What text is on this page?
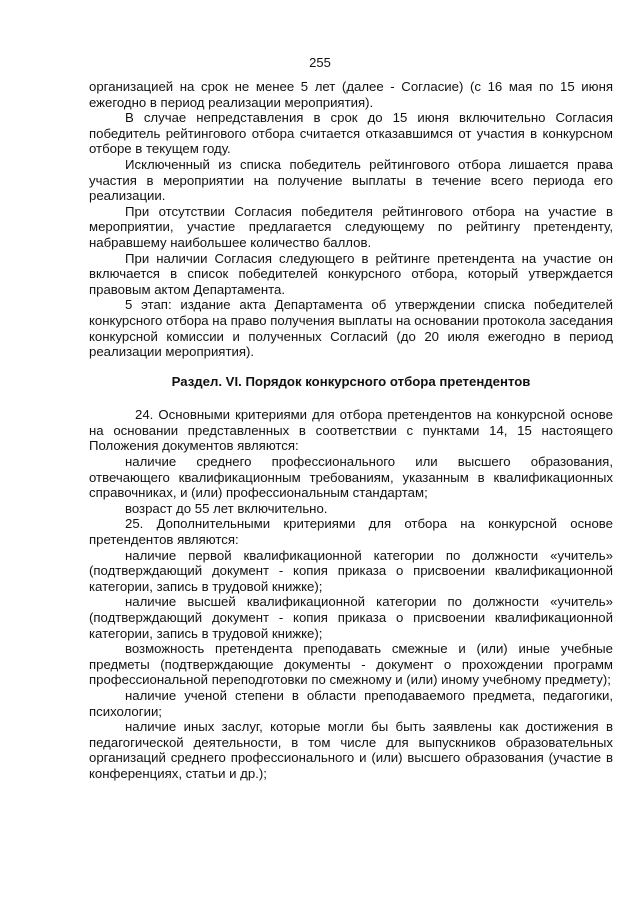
255

организацией на срок не менее 5 лет (далее - Согласие) (с 16 мая по 15 июня ежегодно в период реализации мероприятия).

В случае непредставления в срок до 15 июня включительно Согласия победитель рейтингового отбора считается отказавшимся от участия в конкурсном отборе в текущем году.

Исключенный из списка победитель рейтингового отбора лишается права участия в мероприятии на получение выплаты в течение всего периода его реализации.

При отсутствии Согласия победителя рейтингового отбора на участие в мероприятии, участие предлагается следующему по рейтингу претенденту, набравшему наибольшее количество баллов.

При наличии Согласия следующего в рейтинге претендента на участие он включается в список победителей конкурсного отбора, который утверждается правовым актом Департамента.

5 этап: издание акта Департамента об утверждении списка победителей конкурсного отбора на право получения выплаты на основании протокола заседания конкурсной комиссии и полученных Согласий (до 20 июля ежегодно в период реализации мероприятия).

Раздел. VI. Порядок конкурсного отбора претендентов

24. Основными критериями для отбора претендентов на конкурсной основе на основании представленных в соответствии с пунктами 14, 15 настоящего Положения документов являются:

наличие среднего профессионального или высшего образования, отвечающего квалификационным требованиям, указанным в квалификационных справочниках, и (или) профессиональным стандартам;

возраст до 55 лет включительно.

25. Дополнительными критериями для отбора на конкурсной основе претендентов являются:

наличие первой квалификационной категории по должности «учитель» (подтверждающий документ - копия приказа о присвоении квалификационной категории, запись в трудовой книжке);

наличие высшей квалификационной категории по должности «учитель» (подтверждающий документ - копия приказа о присвоении квалификационной категории, запись в трудовой книжке);

возможность претендента преподавать смежные и (или) иные учебные предметы (подтверждающие документы - документ о прохождении программ профессиональной переподготовки по смежному и (или) иному учебному предмету);

наличие ученой степени в области преподаваемого предмета, педагогики, психологии;

наличие иных заслуг, которые могли бы быть заявлены как достижения в педагогической деятельности, в том числе для выпускников образовательных организаций среднего профессионального и (или) высшего образования (участие в конференциях, статьи и др.);
